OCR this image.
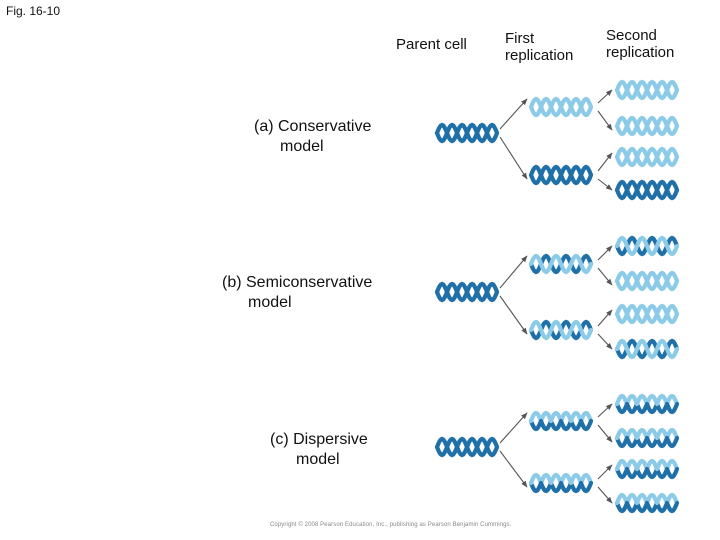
Fig. 16-10
Parent cell	First
replication
Second
replication
(a) Conservative
model
(b) Semiconservative
model
(c) Dispersive
model
Copyright © 2008 Pearson Education, Inc., publishing as Pearson Benjamin Cummings.
